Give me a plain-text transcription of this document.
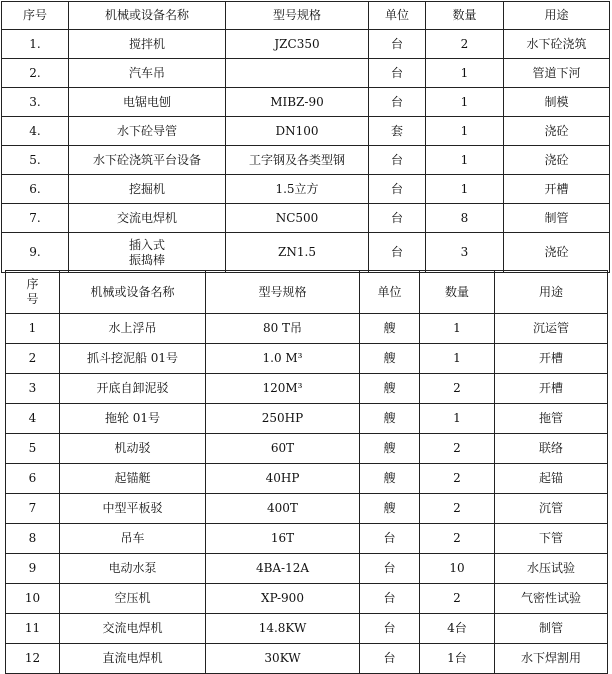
序号	机械或设备名称	型号规格	单位	数量	用途
1.	搅拌机	JZC350	台	2	水下砼浇筑
2.	汽车吊		台	1	管道下河
3.	电锯电刨	MIBZ-90	台	1	制模
4.	水下砼导管	DN100	套	1	浇砼
5.	水下砼浇筑平台设备	工字钢及各类型钢	台	1	浇砼
6.	挖掘机	1.5立方	台	1	开槽
7.	交流电焊机	NC500	台	8	制管
9.	插入式
振捣棒	ZN1.5	台	3	浇砼
序
号	机械或设备名称	型号规格	单位	数量	用途
1	水上浮吊	80 T吊	艘	1	沉运管
2	抓斗挖泥船 01号	1.0 M³	艘	1	开槽
3	开底自卸泥驳	120M³	艘	2	开槽
4	拖轮 01号	250HP	艘	1	拖管
5	机动驳	60T	艘	2	联络
6	起锚艇	40HP	艘	2	起锚
7	中型平板驳	400T	艘	2	沉管
8	吊车	16T	台	2	下管
9	电动水泵	4BA-12A	台	10	水压试验
10	空压机	XP-900	台	2	气密性试验
11	交流电焊机	14.8KW	台	4台	制管
12	直流电焊机	30KW	台	1台	水下焊割用
